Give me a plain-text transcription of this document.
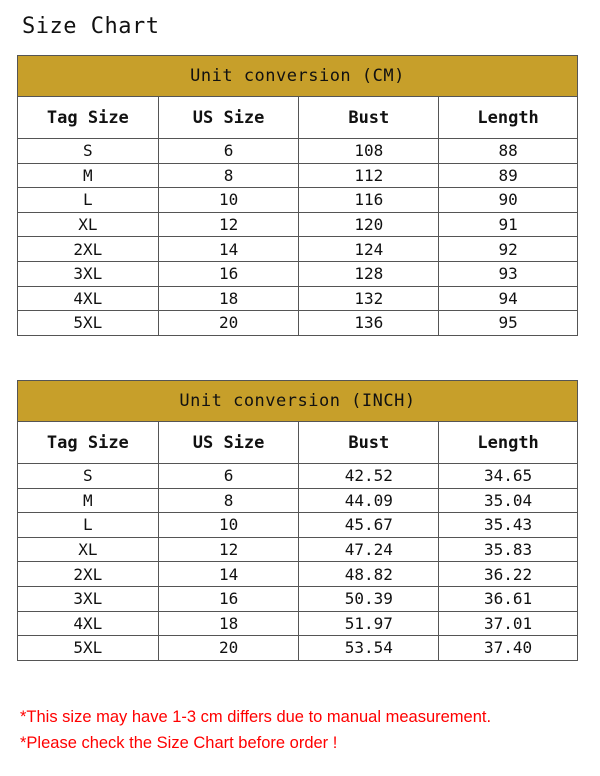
Size Chart
Unit conversion (CM)			
Tag Size	US Size	Bust	Length
S	6	108	88
M	8	112	89
L	10	116	90
XL	12	120	91
2XL	14	124	92
3XL	16	128	93
4XL	18	132	94
5XL	20	136	95
Unit conversion (INCH)			
Tag Size	US Size	Bust	Length
S	6	42.52	34.65
M	8	44.09	35.04
L	10	45.67	35.43
XL	12	47.24	35.83
2XL	14	48.82	36.22
3XL	16	50.39	36.61
4XL	18	51.97	37.01
5XL	20	53.54	37.40
*This size may have 1-3 cm differs due to manual measurement.
*Please check the Size Chart before order !
